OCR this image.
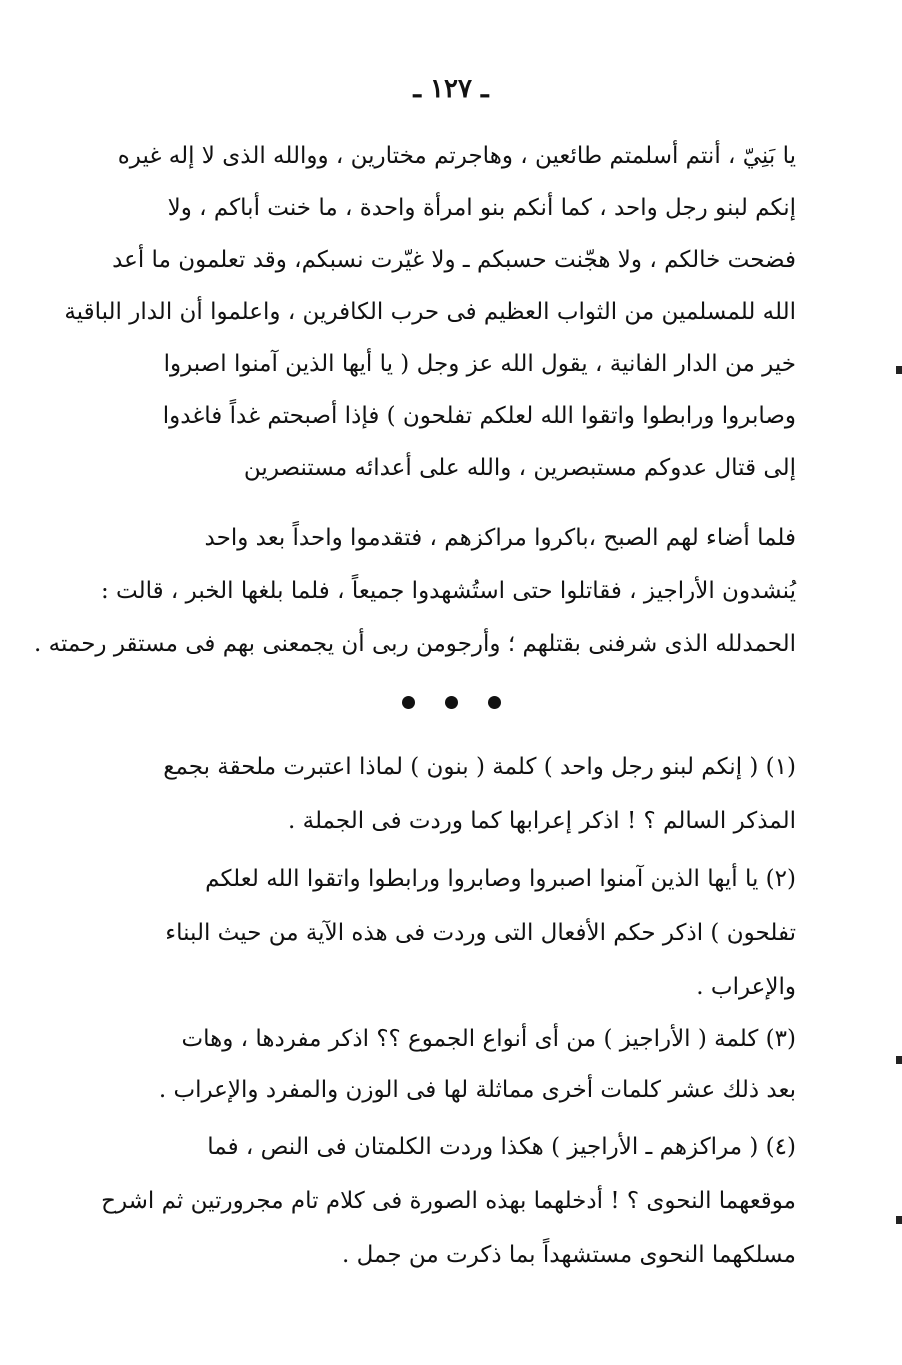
ـ ١٢٧ ـ
يا بَنِيّ ، أنتم أسلمتم طائعين ، وهاجرتم مختارين ، ووالله الذى لا إله غيره
إنكم لبنو رجل واحد ، كما أنكم بنو امرأة واحدة ، ما خنت أباكم ، ولا
فضحت خالكم ، ولا هجّنت حسبكم ـ ولا غيّرت نسبكم، وقد تعلمون ما أعد
الله للمسلمين من الثواب العظيم فى حرب الكافرين ، واعلموا أن الدار الباقية
خير من الدار الفانية ، يقول الله عز وجل ( يا أيها الذين آمنوا اصبروا
وصابروا ورابطوا واتقوا الله لعلكم تفلحون ) فإذا أصبحتم غداً فاغدوا
إلى قتال عدوكم مستبصرين ، والله على أعدائه مستنصرين
فلما أضاء لهم الصبح ،باكروا مراكزهم ، فتقدموا واحداً بعد واحد
يُنشدون الأراجيز ، فقاتلوا حتى استُشهدوا جميعاً ، فلما بلغها الخبر ، قالت :
الحمدلله الذى شرفنى بقتلهم ؛ وأرجومن ربى أن يجمعنى بهم فى مستقر رحمته .
(١) ( إنكم لبنو رجل واحد ) كلمة ( بنون ) لماذا اعتبرت ملحقة بجمع
المذكر السالم ؟ ! اذكر إعرابها كما وردت فى الجملة .
(٢) يا أيها الذين آمنوا اصبروا وصابروا ورابطوا واتقوا الله لعلكم
تفلحون ) اذكر حكم الأفعال التى وردت فى هذه الآية من حيث البناء
والإعراب .
(٣) كلمة ( الأراجيز ) من أى أنواع الجموع ؟؟ اذكر مفردها ، وهات
بعد ذلك عشر كلمات أخرى مماثلة لها فى الوزن والمفرد والإعراب .
(٤) ( مراكزهم ـ الأراجيز ) هكذا وردت الكلمتان فى النص ، فما
موقعهما النحوى ؟ ! أدخلهما بهذه الصورة فى كلام تام مجرورتين ثم اشرح
مسلكهما النحوى مستشهداً بما ذكرت من جمل .
